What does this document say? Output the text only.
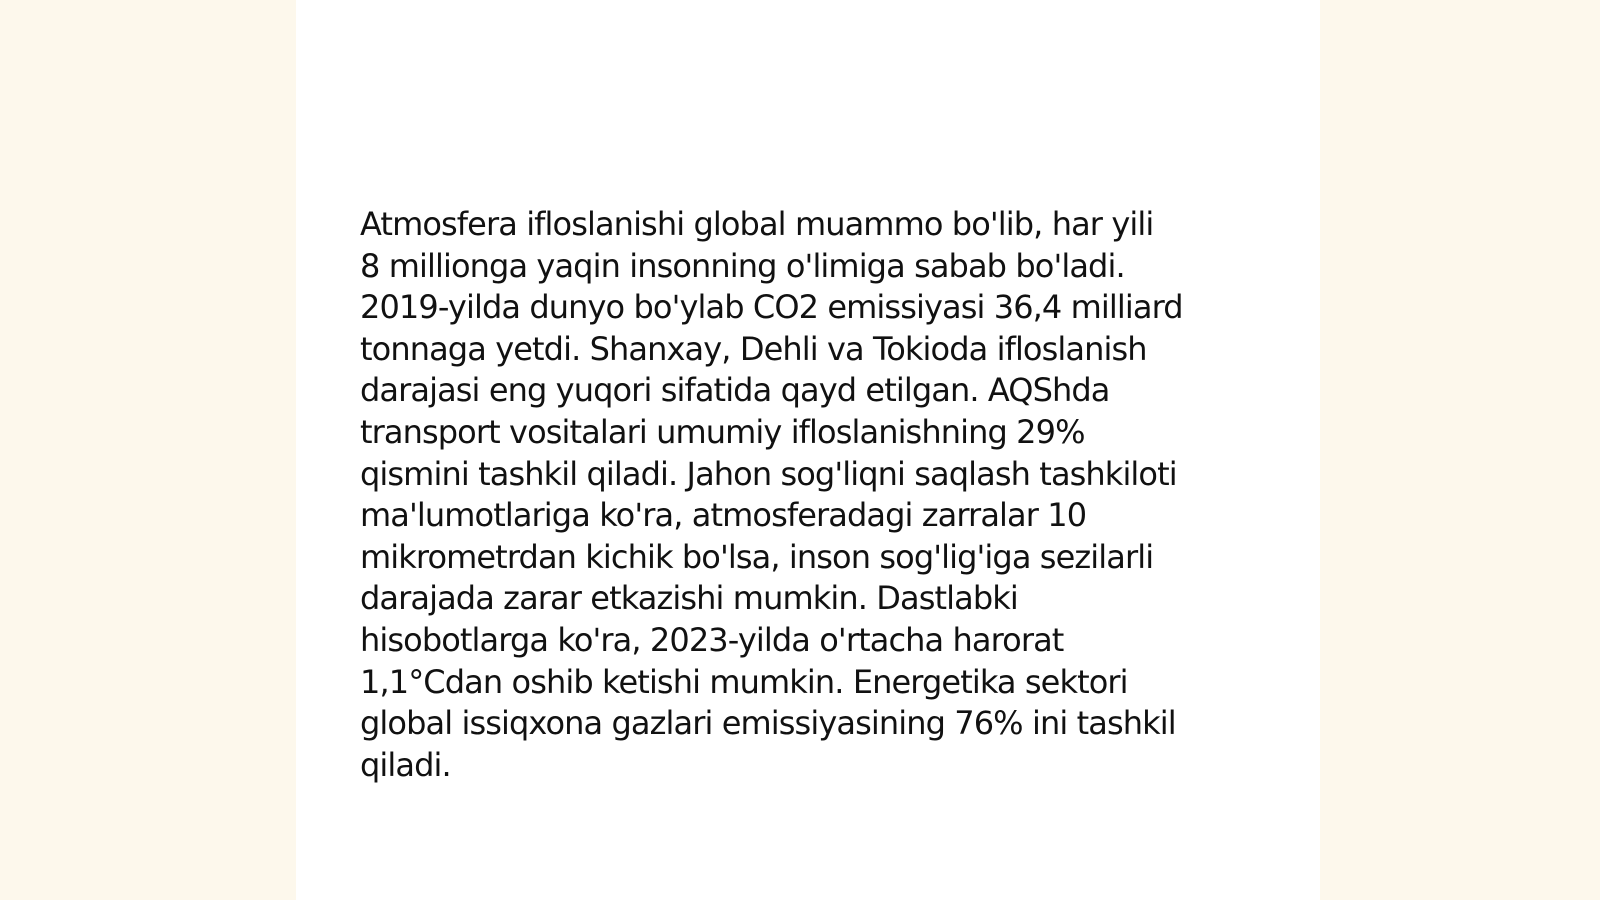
Atmosfera ifloslanishi global muammo bo'lib, har yili
8 millionga yaqin insonning o'limiga sabab bo'ladi.
2019-yilda dunyo bo'ylab CO2 emissiyasi 36,4 milliard
tonnaga yetdi. Shanxay, Dehli va Tokioda ifloslanish
darajasi eng yuqori sifatida qayd etilgan. AQShda
transport vositalari umumiy ifloslanishning 29%
qismini tashkil qiladi. Jahon sog'liqni saqlash tashkiloti
ma'lumotlariga ko'ra, atmosferadagi zarralar 10
mikrometrdan kichik bo'lsa, inson sog'lig'iga sezilarli
darajada zarar etkazishi mumkin. Dastlabki
hisobotlarga ko'ra, 2023-yilda o'rtacha harorat
1,1°Cdan oshib ketishi mumkin. Energetika sektori
global issiqxona gazlari emissiyasining 76% ini tashkil
qiladi.
